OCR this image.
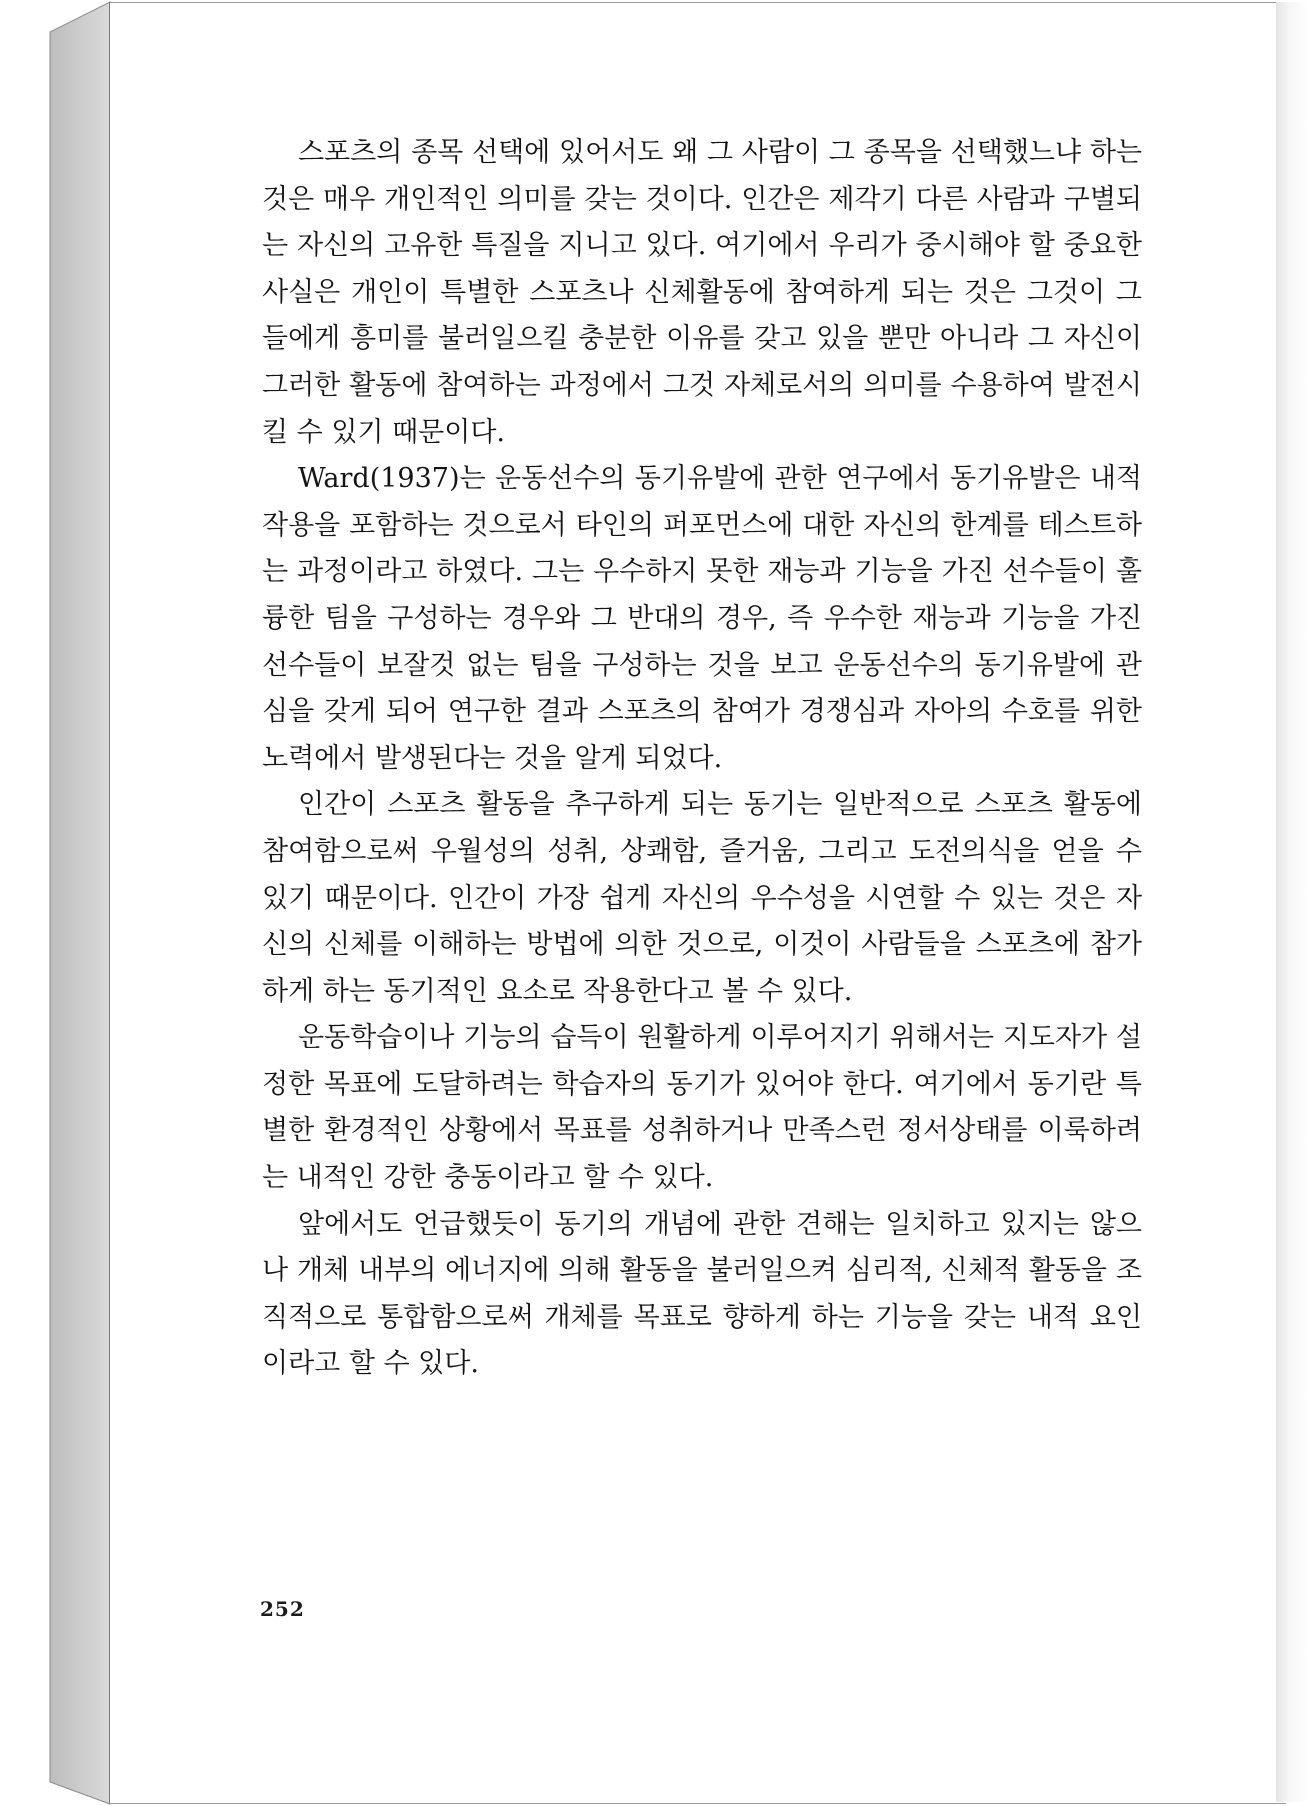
스포츠의 종목 선택에 있어서도 왜 그 사람이 그 종목을 선택했느냐 하는 것은 매우 개인적인 의미를 갖는 것이다. 인간은 제각기 다른 사람과 구별되는 자신의 고유한 특질을 지니고 있다. 여기에서 우리가 중시해야 할 중요한 사실은 개인이 특별한 스포츠나 신체활동에 참여하게 되는 것은 그것이 그들에게 흥미를 불러일으킬 충분한 이유를 갖고 있을 뿐만 아니라 그 자신이 그러한 활동에 참여하는 과정에서 그것 자체로서의 의미를 수용하여 발전시킬 수 있기 때문이다.

Ward(1937)는 운동선수의 동기유발에 관한 연구에서 동기유발은 내적 작용을 포함하는 것으로서 타인의 퍼포먼스에 대한 자신의 한계를 테스트하는 과정이라고 하였다. 그는 우수하지 못한 재능과 기능을 가진 선수들이 훌륭한 팀을 구성하는 경우와 그 반대의 경우, 즉 우수한 재능과 기능을 가진 선수들이 보잘것 없는 팀을 구성하는 것을 보고 운동선수의 동기유발에 관심을 갖게 되어 연구한 결과 스포츠의 참여가 경쟁심과 자아의 수호를 위한 노력에서 발생된다는 것을 알게 되었다.

인간이 스포츠 활동을 추구하게 되는 동기는 일반적으로 스포츠 활동에 참여함으로써 우월성의 성취, 상쾌함, 즐거움, 그리고 도전의식을 얻을 수 있기 때문이다. 인간이 가장 쉽게 자신의 우수성을 시연할 수 있는 것은 자신의 신체를 이해하는 방법에 의한 것으로, 이것이 사람들을 스포츠에 참가하게 하는 동기적인 요소로 작용한다고 볼 수 있다.

운동학습이나 기능의 습득이 원활하게 이루어지기 위해서는 지도자가 설정한 목표에 도달하려는 학습자의 동기가 있어야 한다. 여기에서 동기란 특별한 환경적인 상황에서 목표를 성취하거나 만족스런 정서상태를 이룩하려는 내적인 강한 충동이라고 할 수 있다.

앞에서도 언급했듯이 동기의 개념에 관한 견해는 일치하고 있지는 않으나 개체 내부의 에너지에 의해 활동을 불러일으켜 심리적, 신체적 활동을 조직적으로 통합함으로써 개체를 목표로 향하게 하는 기능을 갖는 내적 요인이라고 할 수 있다.

252
